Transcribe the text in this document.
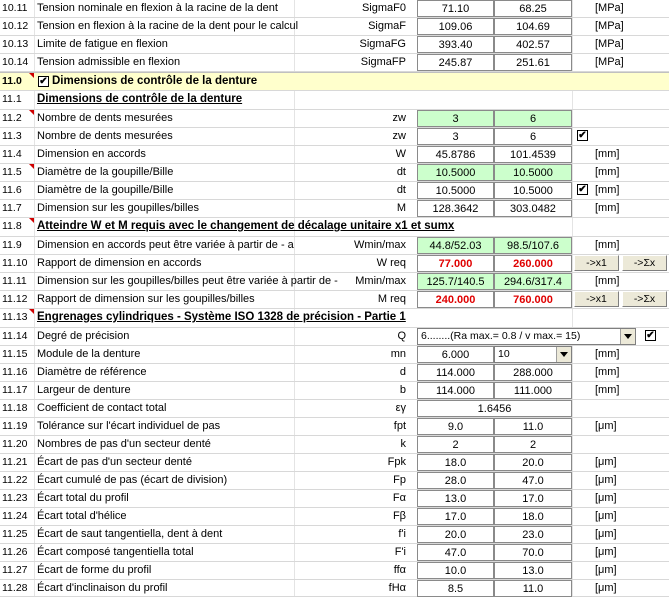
10.11 Tension nominale en flexion à la racine de la dent	SigmaF0	71.10	68.25	[MPa]
10.12 Tension en flexion à la racine de la dent pour le calcul	SigmaF	109.06	104.69	[MPa]
10.13 Limite de fatigue en flexion	SigmaFG	393.40	402.57	[MPa]
10.14 Tension admissible en flexion	SigmaFP	245.87	251.61	[MPa]
11.0	✔ Dimensions de contrôle de la denture
11.1	Dimensions de contrôle de la denture
11.2	Nombre de dents mesurées	zw	3	6
11.3	Nombre de dents mesurées	zw	3	6	✔
11.4	Dimension en accords	W	45.8786	101.4539	[mm]
11.5	Diamètre de la goupille/Bille	dt	10.5000	10.5000	[mm]
11.6	Diamètre de la goupille/Bille	dt	10.5000	10.5000	✔ [mm]
11.7	Dimension sur les goupilles/billes	M	128.3642	303.0482	[mm]
11.8	Atteindre W et M requis avec le changement de décalage unitaire x1 et sumx
11.9	Dimension en accords peut être variée à partir de - a	Wmin/max	44.8/52.03	98.5/107.6	[mm]
11.10 Rapport de dimension en accords	W req	77.000	260.000	->x1	->Σx
11.11 Dimension sur les goupilles/billes peut être variée à partir de -	Mmin/max	125.7/140.5	294.6/317.4	[mm]
11.12 Rapport de dimension sur les goupilles/billes	M req	240.000	760.000	->x1	->Σx
11.13 Engrenages cylindriques - Système ISO 1328 de précision - Partie 1
11.14 Degré de précision	Q 6........(Ra max.= 0.8 / v max.= 15)	✔
11.15 Module de la denture	mn	6.000	10	[mm]
11.16 Diamètre de référence	d	114.000	288.000	[mm]
11.17 Largeur de denture	b	114.000	111.000	[mm]
11.18 Coefficient de contact total	εγ	1.6456
11.19 Tolérance sur l'écart individuel de pas	fpt	9.0	11.0	[μm]
11.20 Nombres de pas d'un secteur denté	k	2	2
11.21 Écart de pas d'un secteur denté	Fpk	18.0	20.0	[μm]
11.22 Écart cumulé de pas (écart de division)	Fp	28.0	47.0	[μm]
11.23 Écart total du profil	Fα	13.0	17.0	[μm]
11.24 Écart total d'hélice	Fβ	17.0	18.0	[μm]
11.25 Écart de saut tangentiella, dent à dent	f'i	20.0	23.0	[μm]
11.26 Écart composé tangentiella total	F'i	47.0	70.0	[μm]
11.27 Écart de forme du profil	ffα	10.0	13.0	[μm]
11.28 Écart d'inclinaison du profil	fHα	8.5	11.0	[μm]
